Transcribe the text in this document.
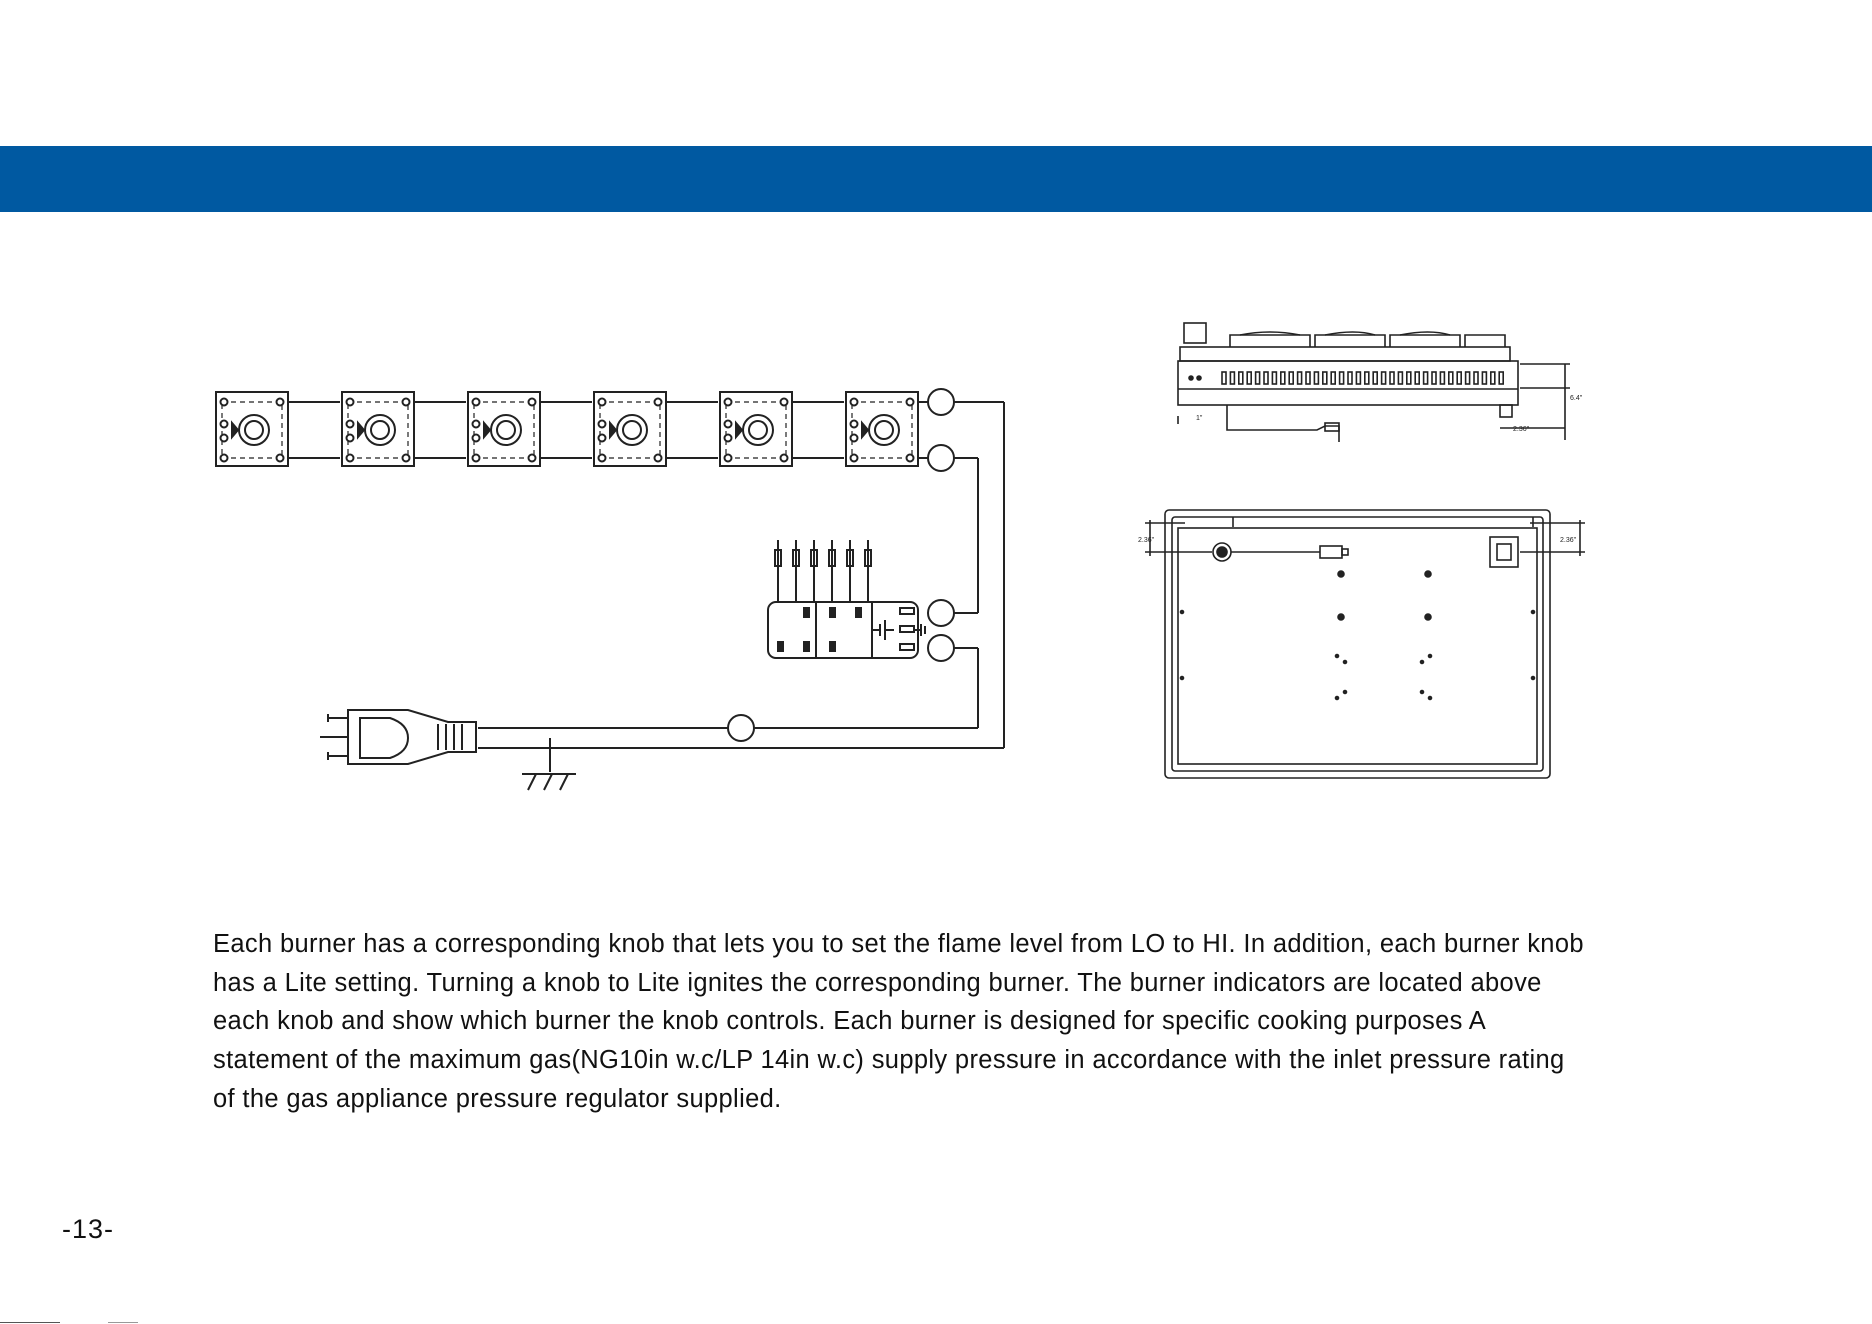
6.4"
1"
2.36"
2.36"	2.36"

Each burner has a corresponding knob that lets you to set the flame level from LO to HI. In addition, each burner knob

has a Lite setting. Turning a knob to Lite ignites the corresponding burner. The burner indicators are located above

each knob and show which burner the knob controls. Each burner is designed for specific cooking purposes A

statement of the maximum gas(NG10in w.c/LP 14in w.c) supply pressure in accordance with the inlet pressure rating

of the gas appliance pressure regulator supplied.

-13-
